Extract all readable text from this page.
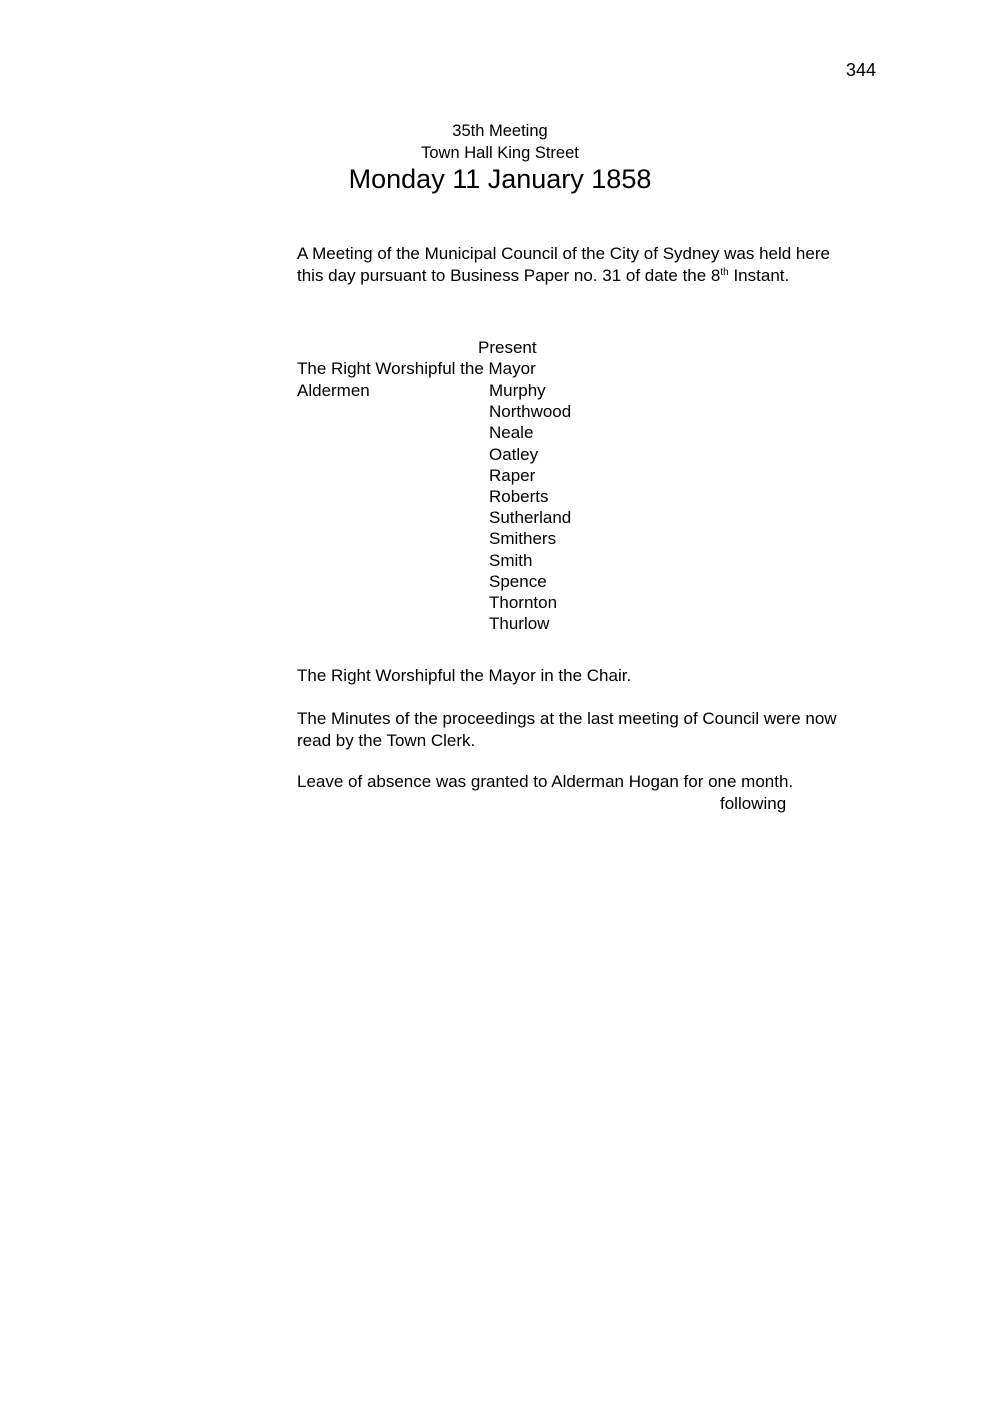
344
35th Meeting
Town Hall King Street
Monday 11 January 1858
A Meeting of the Municipal Council of the City of Sydney was held here
this day pursuant to Business Paper no. 31 of date the 8th Instant.
Present
The Right Worshipful the Mayor
Aldermen	Murphy
Northwood
Neale
Oatley
Raper
Roberts
Sutherland
Smithers
Smith
Spence
Thornton
Thurlow
The Right Worshipful the Mayor in the Chair.
The Minutes of the proceedings at the last meeting of Council were now
read by the Town Clerk.
Leave of absence was granted to Alderman Hogan for one month.
following
